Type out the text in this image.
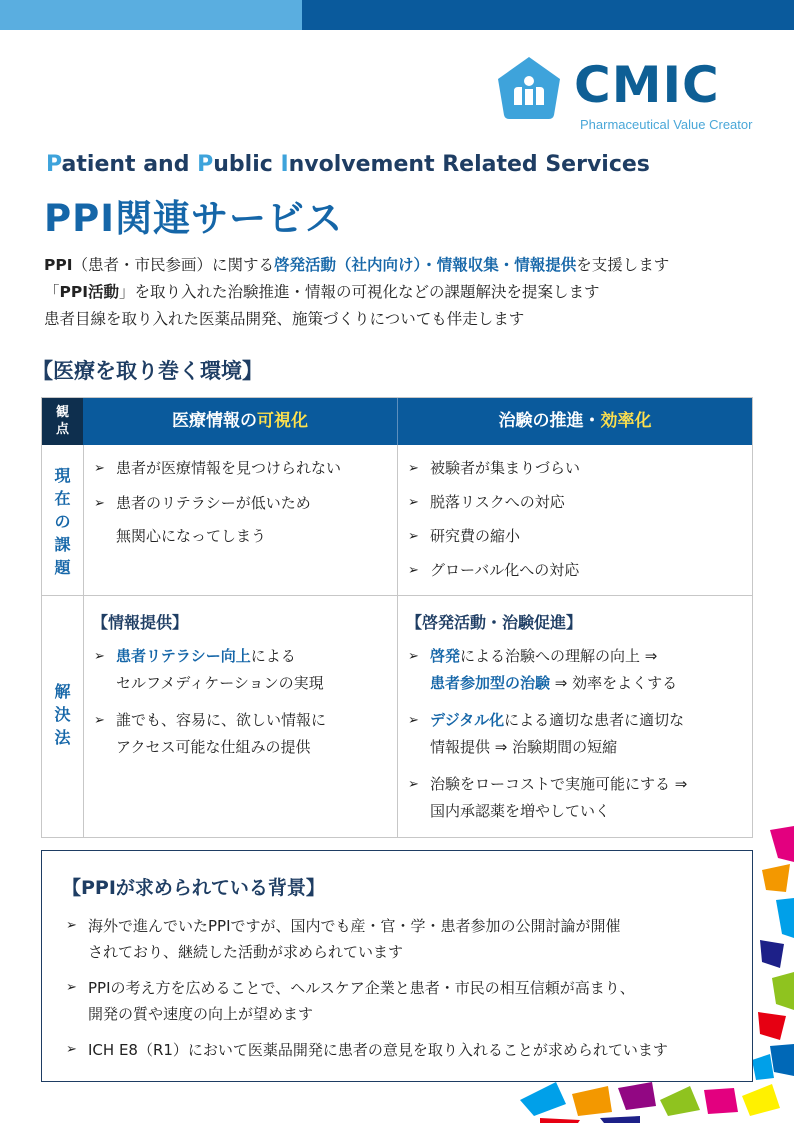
CMIC
Pharmaceutical Value Creator
Patient and Public Involvement Related Services
PPI関連サービス
PPI（患者・市民参画）に関する啓発活動（社内向け）・情報収集・情報提供を支援します
「PPI活動」を取り入れた治験推進・情報の可視化などの課題解決を提案します
患者目線を取り入れた医薬品開発、施策づくりについても伴走します
【医療を取り巻く環境】
観
点	医療情報の可視化	治験の推進・効率化
現
在
の
課
題
➢ 患者が医療情報を見つけられない
➢ 患者のリテラシーが低いため
無関心になってしまう
➢ 被験者が集まりづらい
➢ 脱落リスクへの対応
➢ 研究費の縮小
➢ グローバル化への対応
解
決
法
【情報提供】
➢ 患者リテラシー向上による
セルフメディケーションの実現
➢ 誰でも、容易に、欲しい情報に
アクセス可能な仕組みの提供
【啓発活動・治験促進】
➢ 啓発による治験への理解の向上 ⇒
患者参加型の治験 ⇒ 効率をよくする
➢ デジタル化による適切な患者に適切な
情報提供 ⇒ 治験期間の短縮
➢ 治験をローコストで実施可能にする ⇒
国内承認薬を増やしていく
【PPIが求められている背景】
➢ 海外で進んでいたPPIですが、国内でも産・官・学・患者参加の公開討論が開催
されており、継続した活動が求められています
➢ PPIの考え方を広めることで、ヘルスケア企業と患者・市民の相互信頼が高まり、
開発の質や速度の向上が望めます
➢ ICH E8（R1）において医薬品開発に患者の意見を取り入れることが求められています
